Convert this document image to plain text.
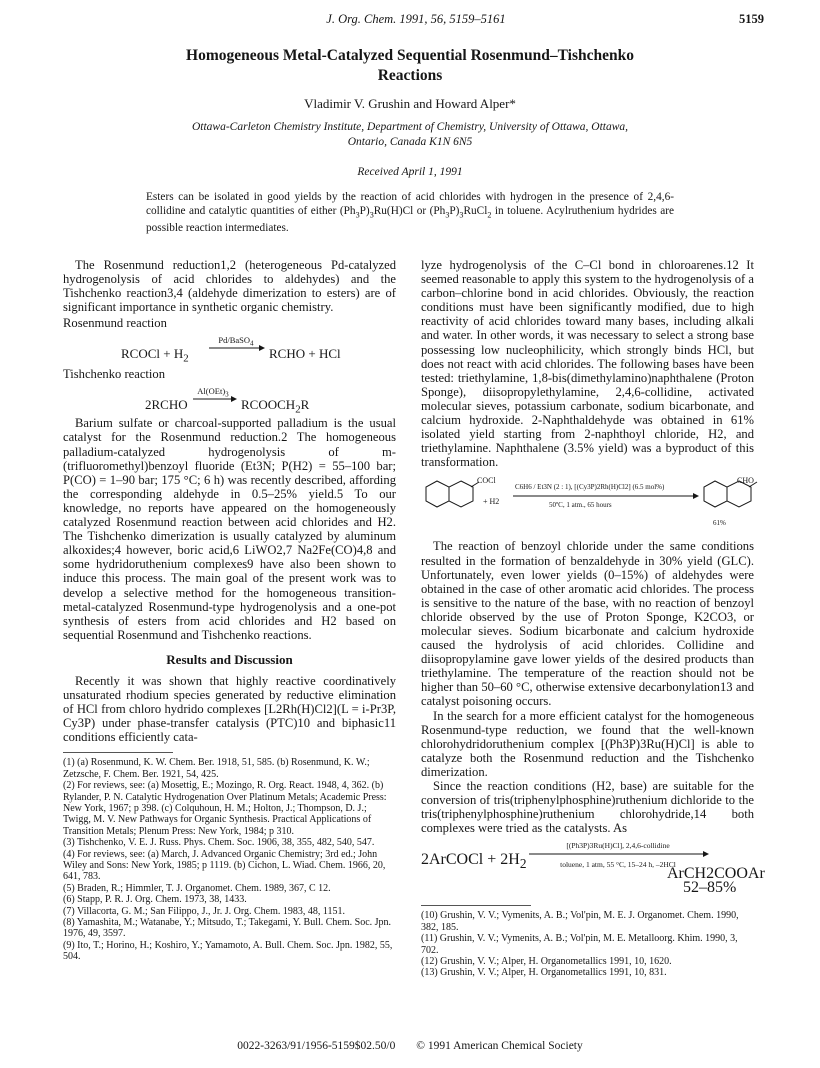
J. Org. Chem. 1991, 56, 5159–5161	5159
Homogeneous Metal-Catalyzed Sequential Rosenmund–Tishchenko
Reactions
Vladimir V. Grushin and Howard Alper*
Ottawa-Carleton Chemistry Institute, Department of Chemistry, University of Ottawa, Ottawa,
Ontario, Canada K1N 6N5
Received April 1, 1991
Esters can be isolated in good yields by the reaction of acid chlorides with hydrogen in the presence of 2,4,6-collidine and catalytic quantities of either $(Ph_3P)_3Ru(H)Cl$ or $(Ph_3P)_3RuCl_2$ in toluene. Acylruthenium hydrides are possible reaction intermediates.

The Rosenmund reduction1,2 (heterogeneous Pd-catalyzed hydrogenolysis of acid chlorides to aldehydes) and the Tishchenko reaction3,4 (aldehyde dimerization to esters) are of significant importance in synthetic organic chemistry.

Rosenmund reaction
RCOCl + $H_2$
Pd/BaSO$_4$
RCHO + HCl
Tishchenko reaction
2RCHO
$Al(OEt)_3$
→ $RCOOCH_2R$

Barium sulfate or charcoal-supported palladium is the usual catalyst for the Rosenmund reduction.2 The homogeneous palladium-catalyzed hydrogenolysis of m-(trifluoromethyl)benzoyl fluoride (Et3N; P(H2) = 55–100 bar; P(CO) = 1–90 bar; 175 °C; 6 h) was recently described, affording the corresponding aldehyde in 0.5–25% yield.5 To our knowledge, no reports have appeared on the homogeneously catalyzed Rosenmund reaction between acid chlorides and H2. The Tishchenko dimerization is usually catalyzed by aluminum alkoxides;4 however, boric acid,6 LiWO2,7 Na2Fe(CO)4,8 and some hydridoruthenium complexes9 have also been shown to induce this process. The main goal of the present work was to develop a selective method for the homogeneous transition-metal-catalyzed Rosenmund-type hydrogenolysis and a one-pot synthesis of esters from acid chlorides and H2 based on sequential Rosenmund and Tishchenko reactions.

Results and Discussion

Recently it was shown that highly reactive coordinatively unsaturated rhodium species generated by reductive elimination of HCl from chloro hydrido complexes [L2Rh(H)Cl2](L = i-Pr3P, Cy3P) under phase-transfer catalysis (PTC)10 and biphasic11 conditions efficiently cata-

(1) (a) Rosenmund, K. W. Chem. Ber. 1918, 51, 585. (b) Rosenmund, K. W.; Zetzsche, F. Chem. Ber. 1921, 54, 425.

(2) For reviews, see: (a) Mosettig, E.; Mozingo, R. Org. React. 1948, 4, 362. (b) Rylander, P. N. Catalytic Hydrogenation Over Platinum Metals; Academic Press: New York, 1967; p 398. (c) Colquhoun, H. M.; Holton, J.; Thompson, D. J.; Twigg, M. V. New Pathways for Organic Synthesis. Practical Applications of Transition Metals; Plenum Press: New York, 1984; p 310.

(3) Tishchenko, V. E. J. Russ. Phys. Chem. Soc. 1906, 38, 355, 482, 540, 547.

(4) For reviews, see: (a) March, J. Advanced Organic Chemistry; 3rd ed.; John Wiley and Sons: New York, 1985; p 1119. (b) Cichon, L. Wiad. Chem. 1966, 20, 641, 783.

(5) Braden, R.; Himmler, T. J. Organomet. Chem. 1989, 367, C 12.

(6) Stapp, P. R. J. Org. Chem. 1973, 38, 1433.

(7) Villacorta, G. M.; San Filippo, J., Jr. J. Org. Chem. 1983, 48, 1151.

(8) Yamashita, M.; Watanabe, Y.; Mitsudo, T.; Takegami, Y. Bull. Chem. Soc. Jpn. 1976, 49, 3597.

(9) Ito, T.; Horino, H.; Koshiro, Y.; Yamamoto, A. Bull. Chem. Soc. Jpn. 1982, 55, 504.

lyze hydrogenolysis of the C–Cl bond in chloroarenes.12 It seemed reasonable to apply this system to the hydrogenolysis of a carbon–chlorine bond in acid chlorides. Obviously, the reaction conditions must have been significantly modified, due to high reactivity of acid chlorides toward many bases, including alkali and water. In other words, it was necessary to select a strong base possessing low nucleophilicity, which strongly binds HCl, but does not react with acid chlorides. The following bases have been tested: triethylamine, 1,8-bis(dimethylamino)naphthalene (Proton Sponge), diisopropylethylamine, 2,4,6-collidine, activated molecular sieves, potassium carbonate, sodium bicarbonate, and calcium hydroxide. 2-Naphthaldehyde was obtained in 61% isolated yield starting from 2-naphthoyl chloride, H2, and triethylamine. Naphthalene (3.5% yield) was a byproduct of this transformation.

COCl
+ H2
C6H6 / Et3N (2 : 1), [(Cy3P)2Rh(H)Cl2] (6.5 mol%)
50ºC, 1 atm., 65 hours
CHO
61%

The reaction of benzoyl chloride under the same conditions resulted in the formation of benzaldehyde in 30% yield (GLC). Unfortunately, even lower yields (0–15%) of aldehydes were obtained in the case of other aromatic acid chlorides. The process is sensitive to the nature of the base, with no reaction of benzoyl chloride observed by the use of Proton Sponge, K2CO3, or molecular sieves. Sodium bicarbonate and calcium hydroxide caused the hydrolysis of acid chlorides. Collidine and diisopropylamine gave lower yields of the desired products than triethylamine. The temperature of the reaction should not be higher than 50–60 °C, otherwise extensive decarbonylation13 and catalyst poisoning occurs.

In the search for a more efficient catalyst for the homogeneous Rosenmund-type reduction, we found that the well-known chlorohydridoruthenium complex [(Ph3P)3Ru(H)Cl] is able to catalyze both the Rosenmund reduction and the Tishchenko dimerization.

Since the reaction conditions (H2, base) are suitable for the conversion of tris(triphenylphosphine)ruthenium dichloride to the tris(triphenylphosphine)ruthenium chlorohydride,14 both complexes were tried as the catalysts. As

2ArCOCl + $2H_2$
[(Ph3P)3Ru(H)Cl], 2,4,6-collidine
toluene, 1 atm, 55 °C, 15–24 h, –2HCl
ArCH2COOAr
52–85%

(10) Grushin, V. V.; Vymenits, A. B.; Vol'pin, M. E. J. Organomet. Chem. 1990, 382, 185.

(11) Grushin, V. V.; Vymenits, A. B.; Vol'pin, M. E. Metalloorg. Khim. 1990, 3, 702.

(12) Grushin, V. V.; Alper, H. Organometallics 1991, 10, 1620.

(13) Grushin, V. V.; Alper, H. Organometallics 1991, 10, 831.

0022-3263/91/1956-5159$02.50/0 © 1991 American Chemical Society
